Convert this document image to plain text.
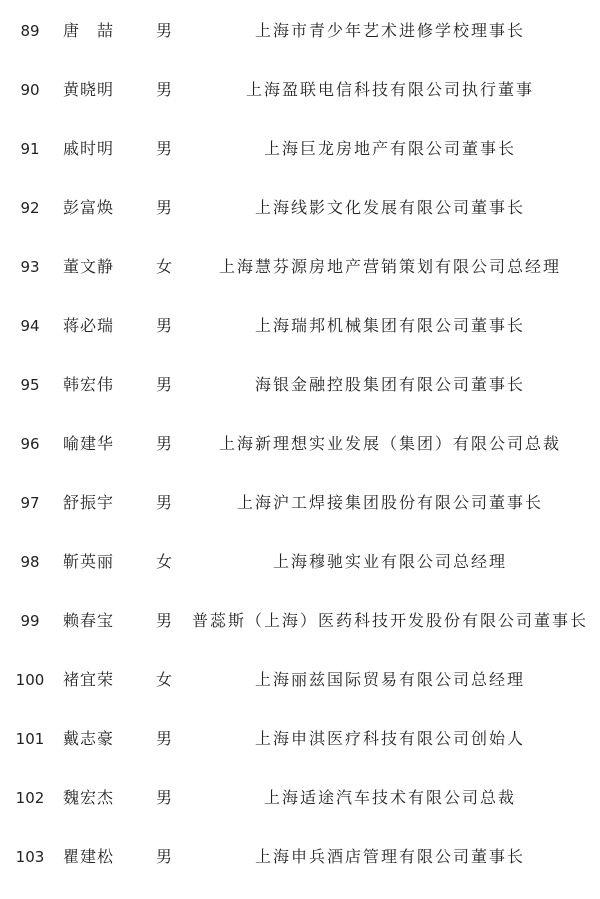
89	唐　喆	男	上海市青少年艺术进修学校理事长
90	黄晓明	男	上海盈联电信科技有限公司执行董事
91	戚时明	男	上海巨龙房地产有限公司董事长
92	彭富焕	男	上海线影文化发展有限公司董事长
93	董文静	女	上海慧芬源房地产营销策划有限公司总经理
94	蒋必瑞	男	上海瑞邦机械集团有限公司董事长
95	韩宏伟	男	海银金融控股集团有限公司董事长
96	喻建华	男	上海新理想实业发展（集团）有限公司总裁
97	舒振宇	男	上海沪工焊接集团股份有限公司董事长
98	靳英丽	女	上海穆驰实业有限公司总经理
99	赖春宝	男 普蕊斯（上海）医药科技开发股份有限公司董事长
100	褚宜荣	女	上海丽兹国际贸易有限公司总经理
101	戴志豪	男	上海申淇医疗科技有限公司创始人
102	魏宏杰	男	上海适途汽车技术有限公司总裁
103	瞿建松	男	上海申兵酒店管理有限公司董事长
